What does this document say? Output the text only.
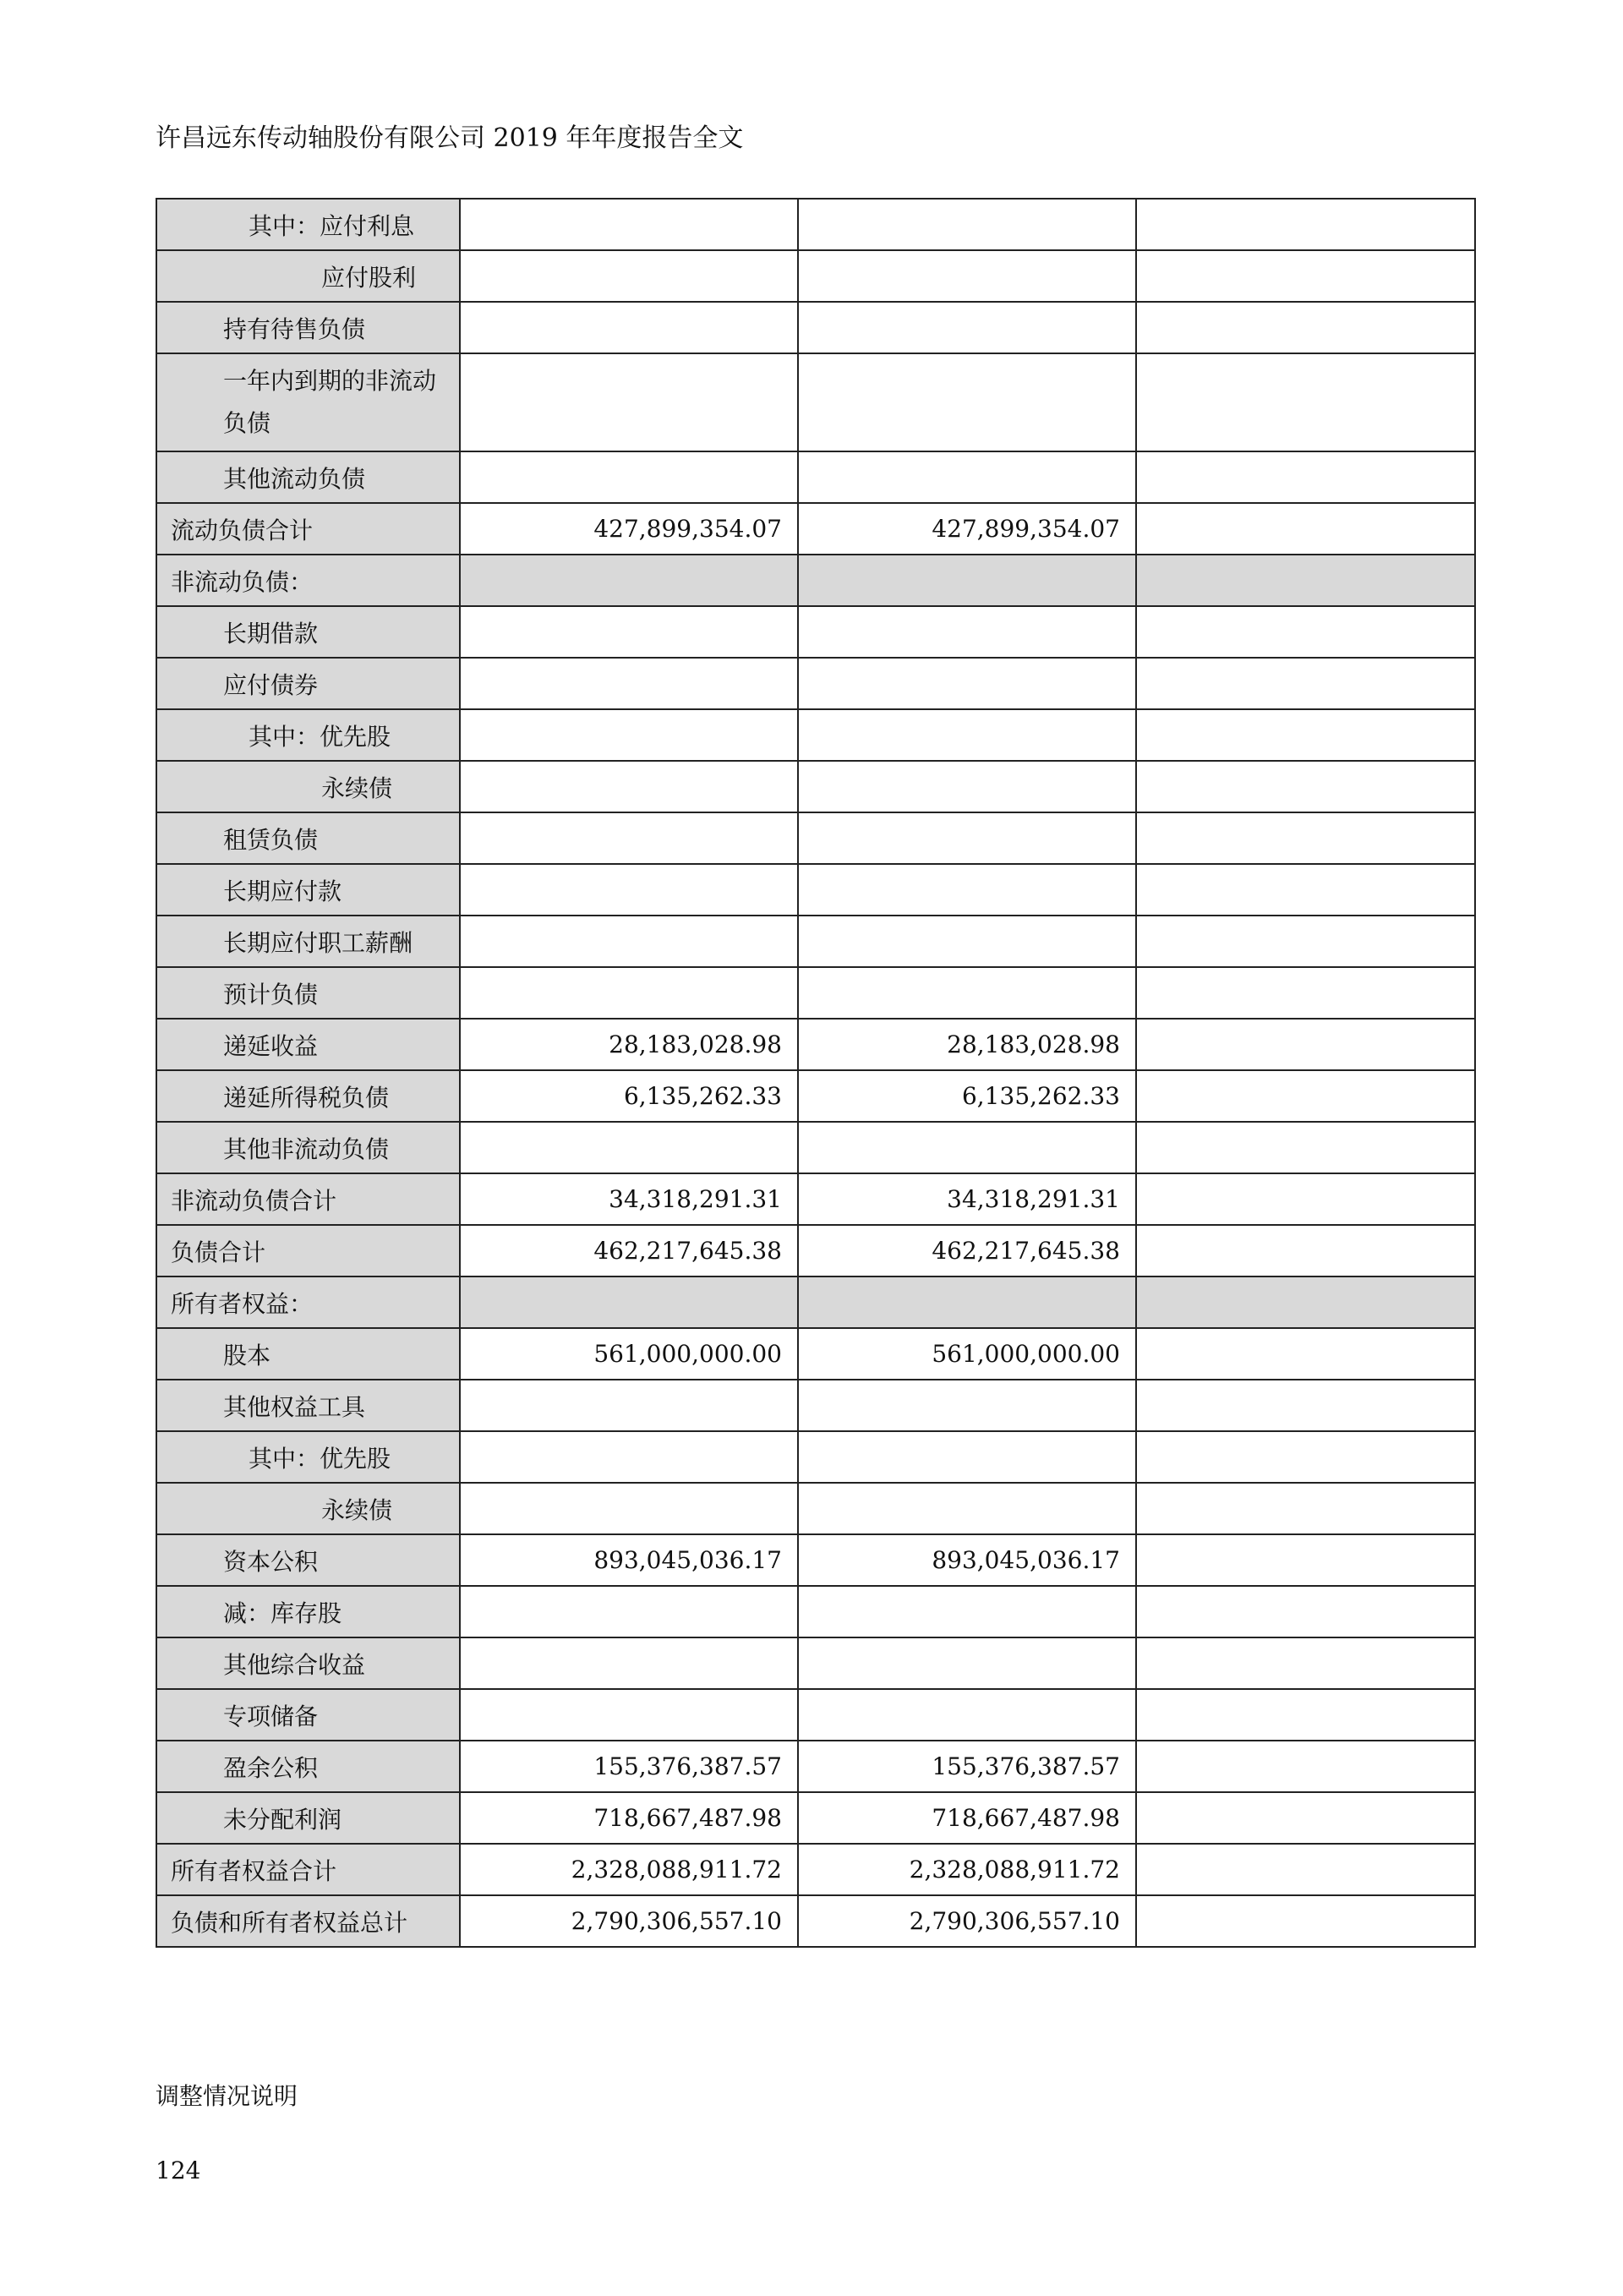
许昌远东传动轴股份有限公司 2019 年年度报告全文
其中：应付利息			
应付股利			
持有待售负债			
一年内到期的非流动负债			
其他流动负债			
流动负债合计	427,899,354.07	427,899,354.07	
非流动负债：			
长期借款			
应付债券			
其中：优先股			
永续债			
租赁负债			
长期应付款			
长期应付职工薪酬			
预计负债			
递延收益	28,183,028.98	28,183,028.98	
递延所得税负债	6,135,262.33	6,135,262.33	
其他非流动负债			
非流动负债合计	34,318,291.31	34,318,291.31	
负债合计	462,217,645.38	462,217,645.38	
所有者权益：			
股本	561,000,000.00	561,000,000.00	
其他权益工具			
其中：优先股			
永续债			
资本公积	893,045,036.17	893,045,036.17	
减：库存股			
其他综合收益			
专项储备			
盈余公积	155,376,387.57	155,376,387.57	
未分配利润	718,667,487.98	718,667,487.98	
所有者权益合计	2,328,088,911.72	2,328,088,911.72	
负债和所有者权益总计	2,790,306,557.10	2,790,306,557.10	
调整情况说明
124
